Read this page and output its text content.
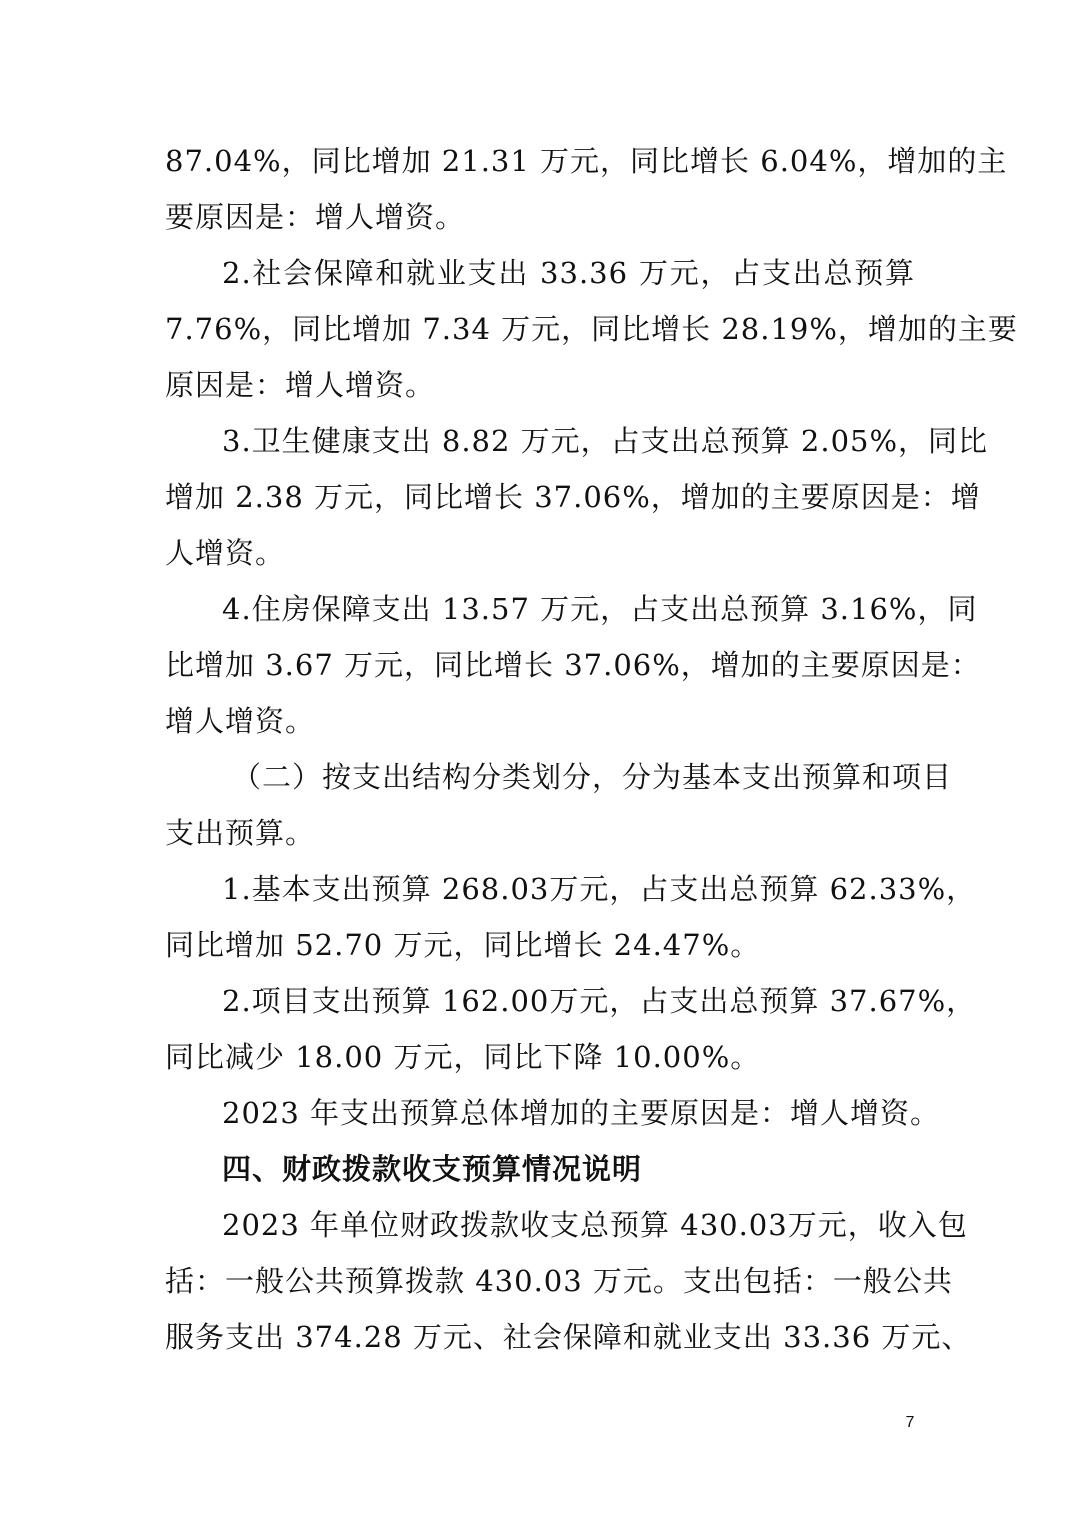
87.04%，同比增加 21.31 万元，同比增长 6.04%，增加的主
要原因是：增人增资。
2.社会保障和就业支出 33.36 万元，占支出总预算
7.76%，同比增加 7.34 万元，同比增长 28.19%，增加的主要
原因是：增人增资。
3.卫生健康支出 8.82 万元，占支出总预算 2.05%，同比
增加 2.38 万元，同比增长 37.06%，增加的主要原因是：增
人增资。
4.住房保障支出 13.57 万元，占支出总预算 3.16%，同
比增加 3.67 万元，同比增长 37.06%，增加的主要原因是：
增人增资。
（二）按支出结构分类划分，分为基本支出预算和项目
支出预算。
1.基本支出预算 268.03万元，占支出总预算 62.33%，
同比增加 52.70 万元，同比增长 24.47%。
2.项目支出预算 162.00万元，占支出总预算 37.67%，
同比减少 18.00 万元，同比下降 10.00%。
2023 年支出预算总体增加的主要原因是：增人增资。
四、财政拨款收支预算情况说明
2023 年单位财政拨款收支总预算 430.03万元，收入包
括：一般公共预算拨款 430.03 万元。支出包括：一般公共
服务支出 374.28 万元、社会保障和就业支出 33.36 万元、
7
